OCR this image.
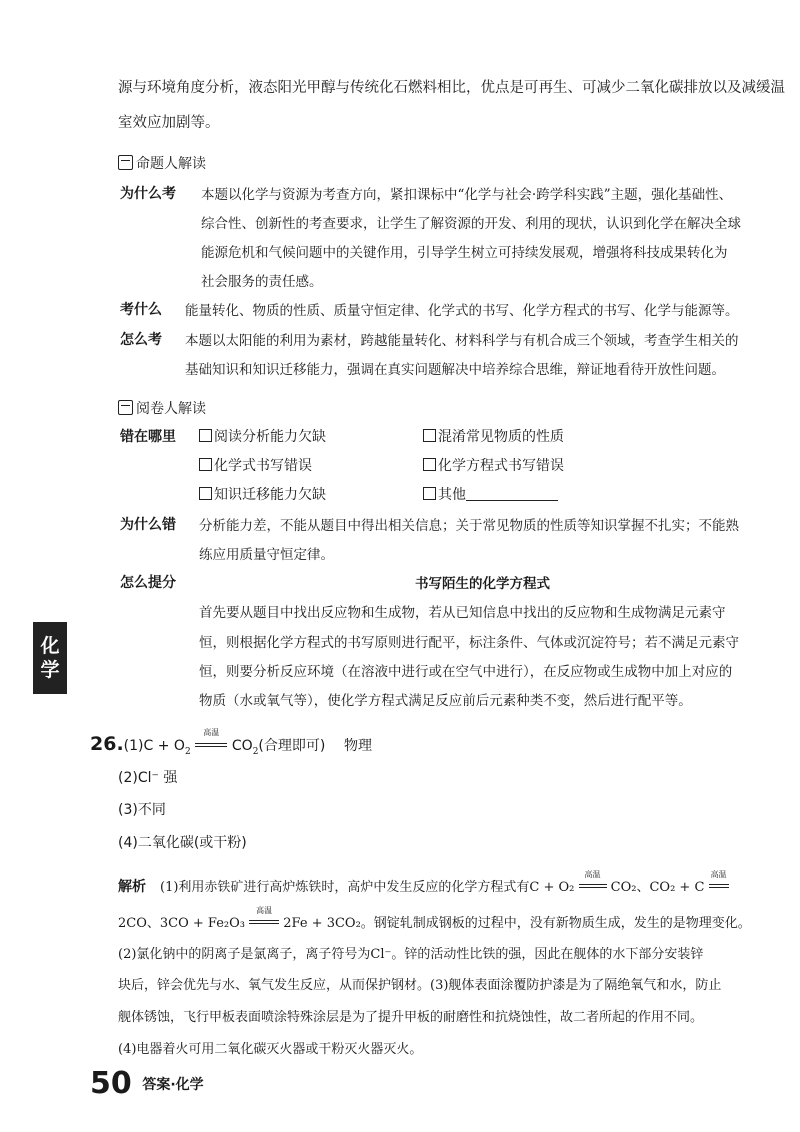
源与环境角度分析，液态阳光甲醇与传统化石燃料相比，优点是可再生、可减少二氧化碳排放以及减缓温
室效应加剧等。
命题人解读
为什么考 本题以化学与资源为考查方向，紧扣课标中“化学与社会·跨学科实践”主题，强化基础性、
综合性、创新性的考查要求，让学生了解资源的开发、利用的现状，认识到化学在解决全球
能源危机和气候问题中的关键作用，引导学生树立可持续发展观，增强将科技成果转化为
社会服务的责任感。
考什么 能量转化、物质的性质、质量守恒定律、化学式的书写、化学方程式的书写、化学与能源等。
怎么考 本题以太阳能的利用为素材，跨越能量转化、材料科学与有机合成三个领域，考查学生相关的
基础知识和知识迁移能力，强调在真实问题解决中培养综合思维，辩证地看待开放性问题。
阅卷人解读
错在哪里	阅读分析能力欠缺	混淆常见物质的性质
化学式书写错误	化学方程式书写错误
知识迁移能力欠缺	其他
为什么错 分析能力差，不能从题目中得出相关信息；关于常见物质的性质等知识掌握不扎实；不能熟
练应用质量守恒定律。
怎么提分	书写陌生的化学方程式
首先要从题目中找出反应物和生成物，若从已知信息中找出的反应物和生成物满足元素守
恒，则根据化学方程式的书写原则进行配平，标注条件、气体或沉淀符号；若不满足元素守
恒，则要分析反应环境（在溶液中进行或在空气中进行），在反应物或生成物中加上对应的
物质（水或氧气等），使化学方程式满足反应前后元素种类不变，然后进行配平等。
化
学
$26.(1)C + O_2$
高温
$CO_2$(合理即可) 物理
(2)Cl⁻ 强
(3)不同
(4)二氧化碳(或干粉)
解析 (1)利用赤铁矿进行高炉炼铁时，高炉中发生反应的化学方程式有C + O₂
高温
CO₂、CO₂ + C
高温
2CO、3CO + Fe₂O₃
高温
2Fe + 3CO₂。钢锭轧制成钢板的过程中，没有新物质生成，发生的是物理变化。
(2)氯化钠中的阴离子是氯离子，离子符号为Cl⁻。锌的活动性比铁的强，因此在舰体的水下部分安装锌
块后，锌会优先与水、氧气发生反应，从而保护钢材。(3)舰体表面涂覆防护漆是为了隔绝氧气和水，防止
舰体锈蚀，飞行甲板表面喷涂特殊涂层是为了提升甲板的耐磨性和抗烧蚀性，故二者所起的作用不同。
(4)电器着火可用二氧化碳灭火器或干粉灭火器灭火。
50 答案·化学
